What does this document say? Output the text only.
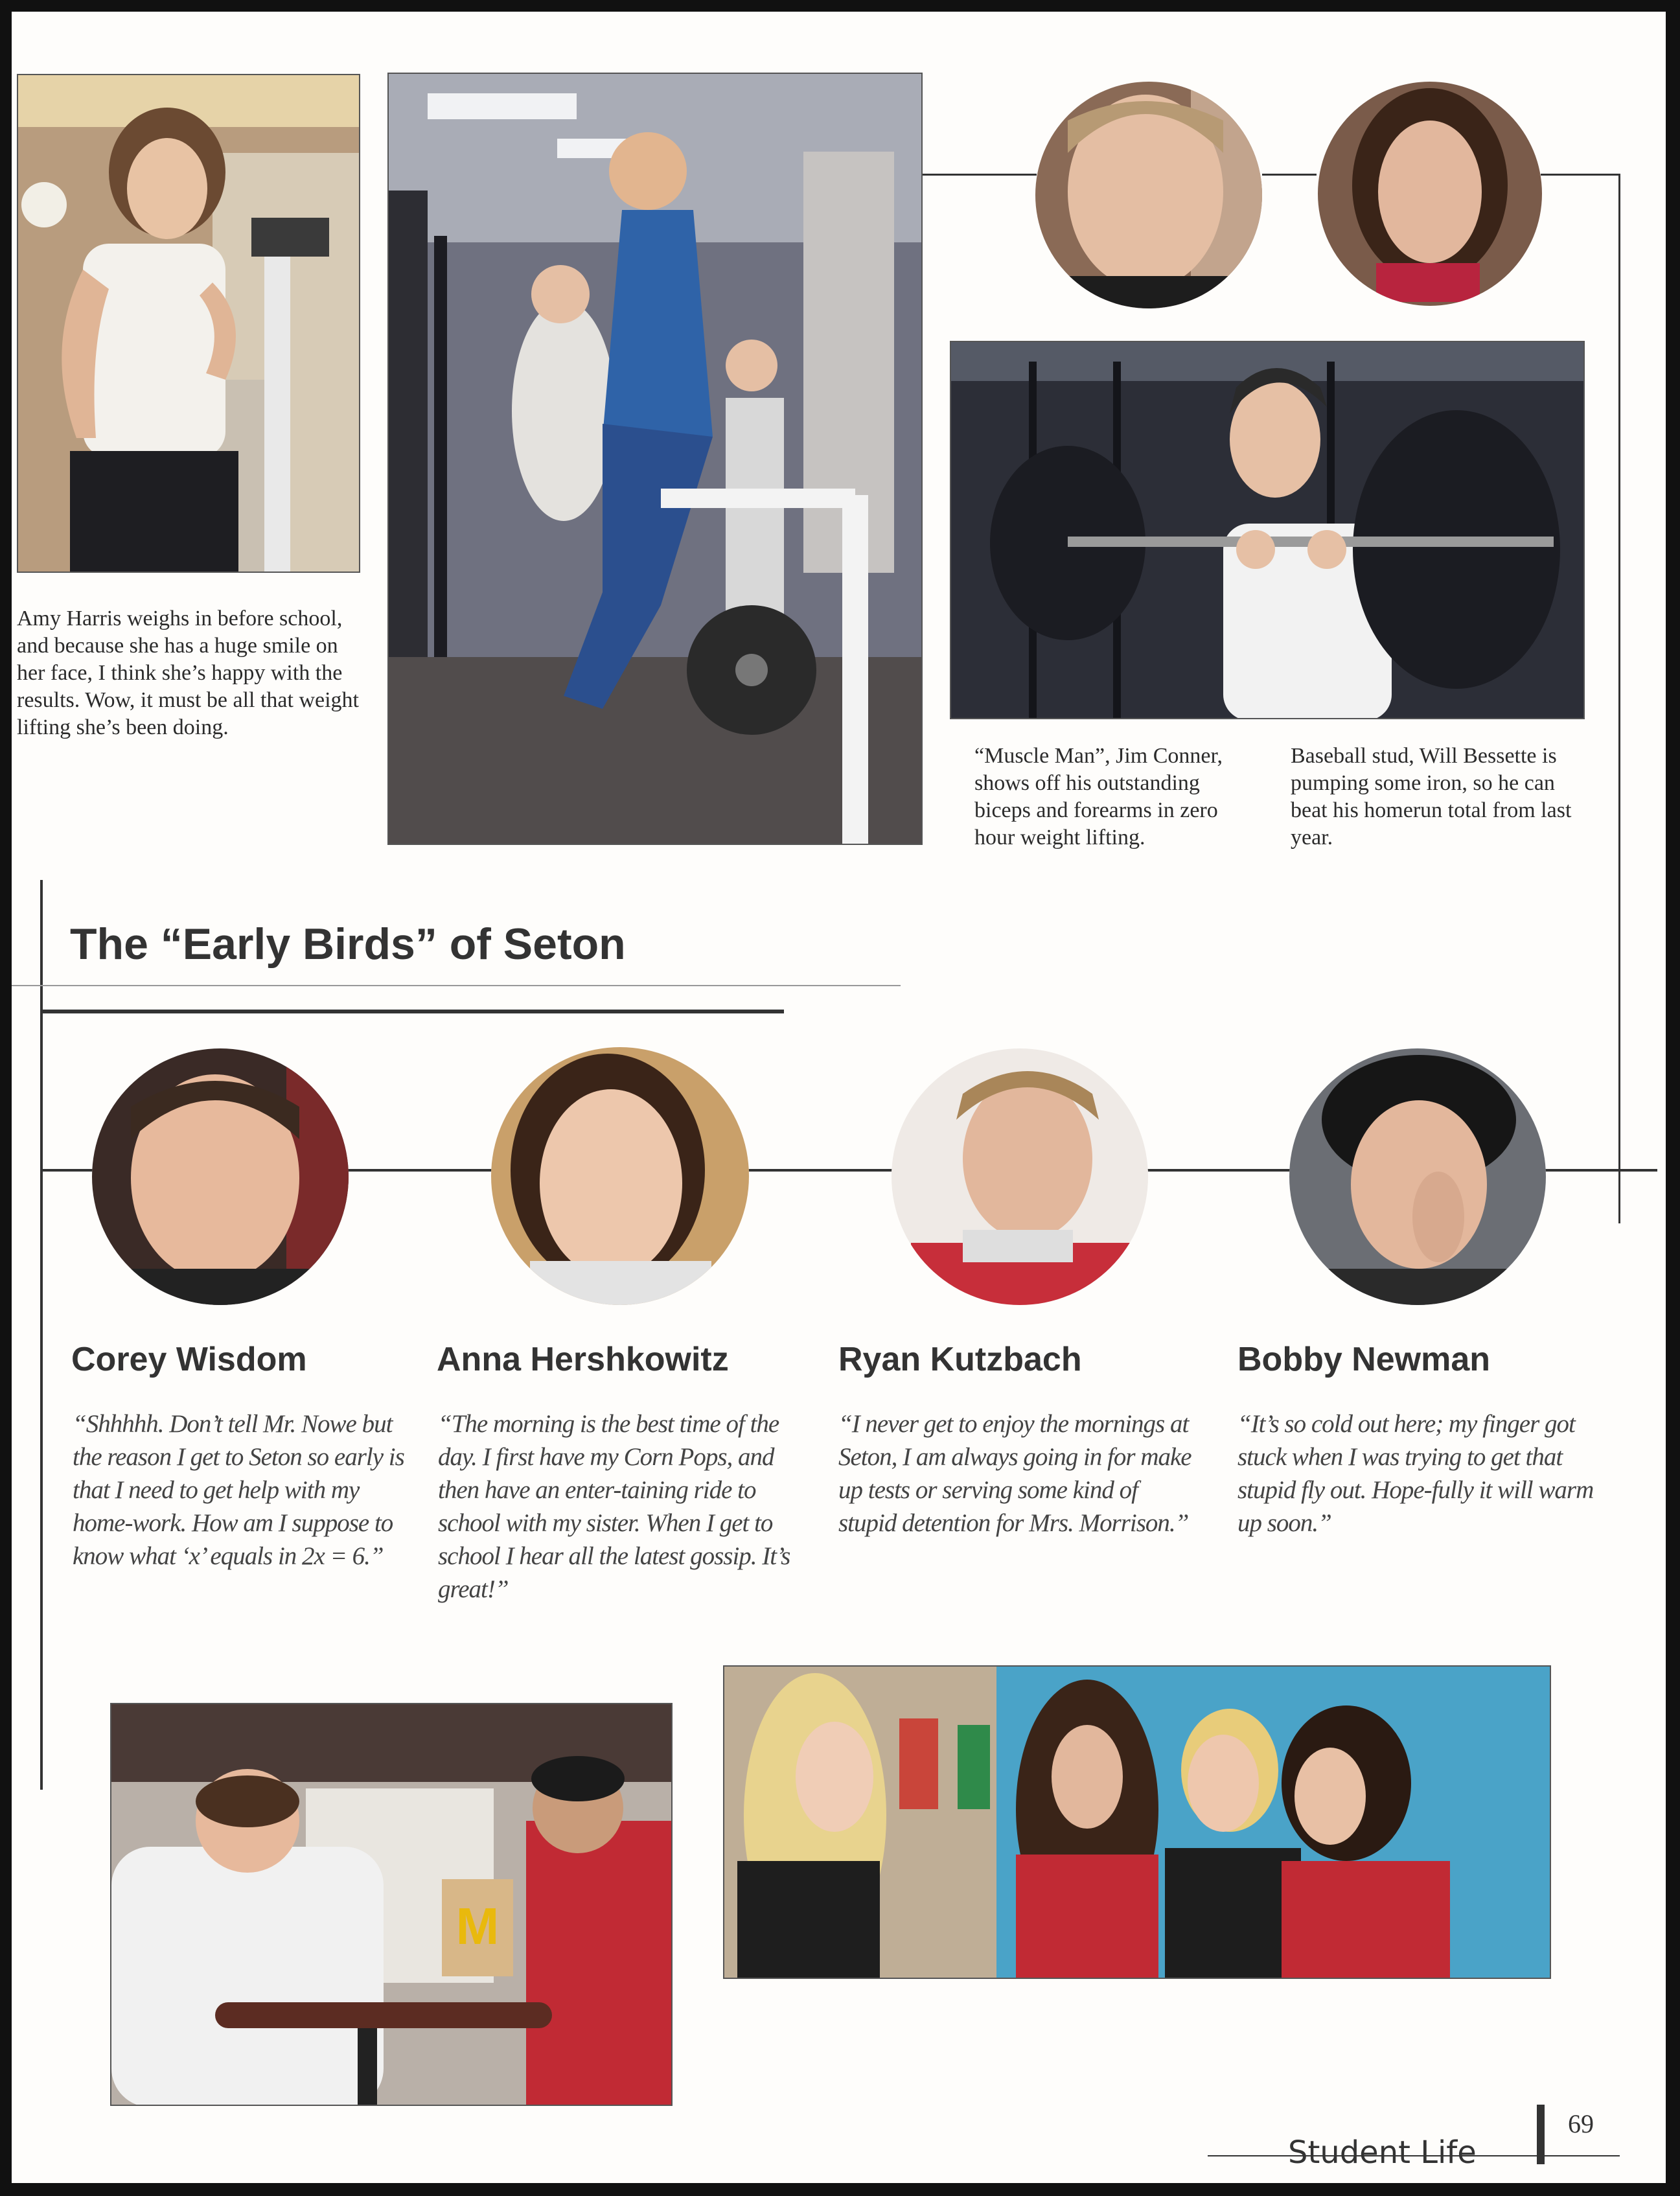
Amy Harris weighs in before school, and because she has a huge smile on her face, I think she’s happy with the results. Wow, it must be all that weight lifting she’s been doing.
“Muscle Man”, Jim Conner, shows off his outstanding biceps and forearms in zero hour weight lifting.
Baseball stud, Will Bessette is pumping some iron, so he can beat his homerun total from last year.
The “Early Birds” of Seton
Corey Wisdom	Anna Hershkowitz	Ryan Kutzbach	Bobby Newman
“Shhhhh. Don’t tell Mr. Nowe but the reason I get to Seton so early is that I need to get help with my home-work. How am I suppose to know what ‘x’ equals in 2x = 6.”
“The morning is the best time of the day. I first have my Corn Pops, and then have an enter-taining ride to school with my sister. When I get to school I hear all the latest gossip. It’s great!”
“I never get to enjoy the mornings at Seton, I am always going in for make up tests or serving some kind of stupid detention for Mrs. Morrison.”
“It’s so cold out here; my finger got stuck when I was trying to get that stupid fly out. Hope-fully it will warm up soon.”
M
Student Life
69
